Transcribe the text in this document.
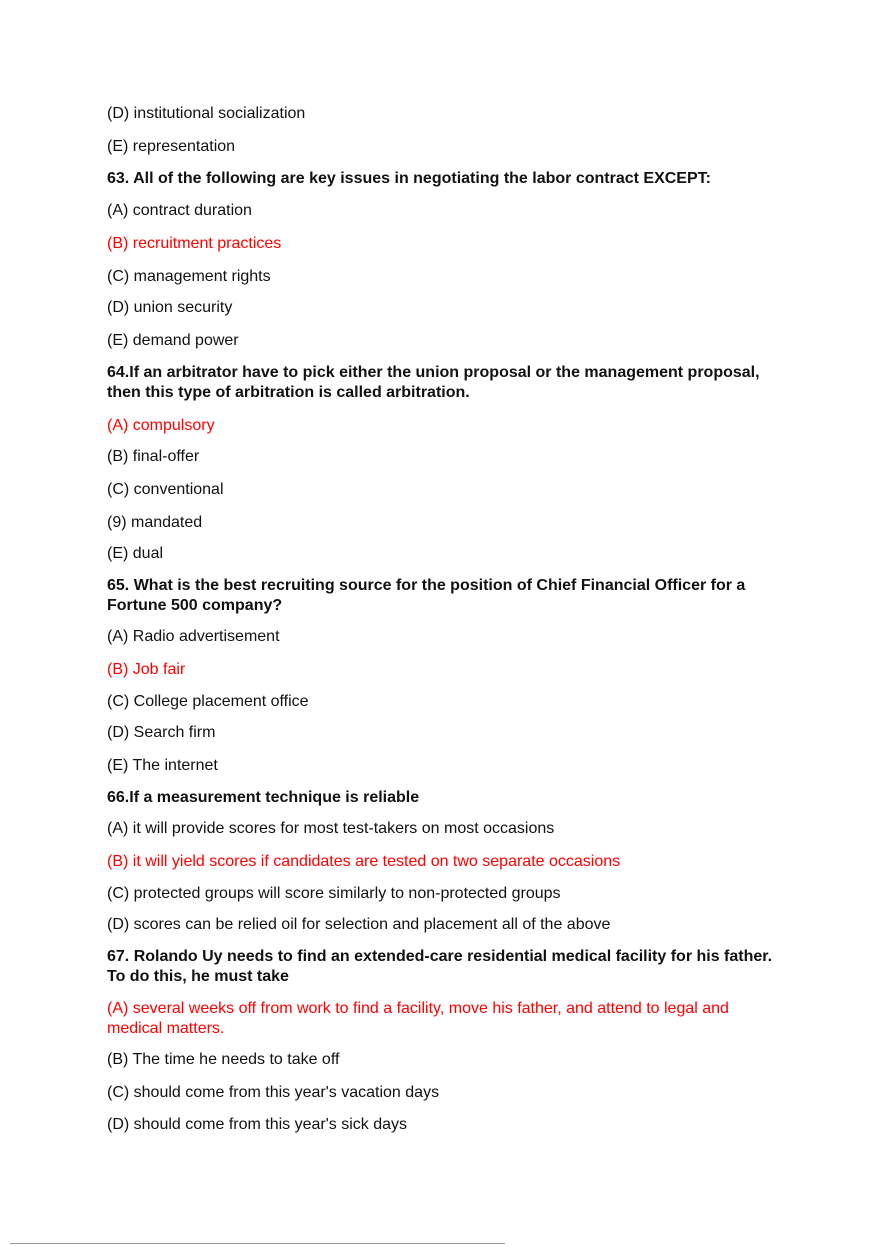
(D) institutional socialization

(E) representation

63. All of the following are key issues in negotiating the labor contract EXCEPT:

(A) contract duration

(B) recruitment practices

(C) management rights

(D) union security

(E) demand power

64.If an arbitrator have to pick either the union proposal or the management proposal, then this type of arbitration is called arbitration.

(A) compulsory

(B) final-offer

(C) conventional

(9) mandated

(E) dual

65. What is the best recruiting source for the position of Chief Financial Officer for a Fortune 500 company?

(A) Radio advertisement

(B) Job fair

(C) College placement office

(D) Search firm

(E) The internet

66.If a measurement technique is reliable

(A) it will provide scores for most test-takers on most occasions

(B) it will yield scores if candidates are tested on two separate occasions

(C) protected groups will score similarly to non-protected groups

(D) scores can be relied oil for selection and placement all of the above

67. Rolando Uy needs to find an extended-care residential medical facility for his father. To do this, he must take

(A) several weeks off from work to find a facility, move his father, and attend to legal and medical matters.

(B) The time he needs to take off

(C) should come from this year's vacation days

(D) should come from this year's sick days
